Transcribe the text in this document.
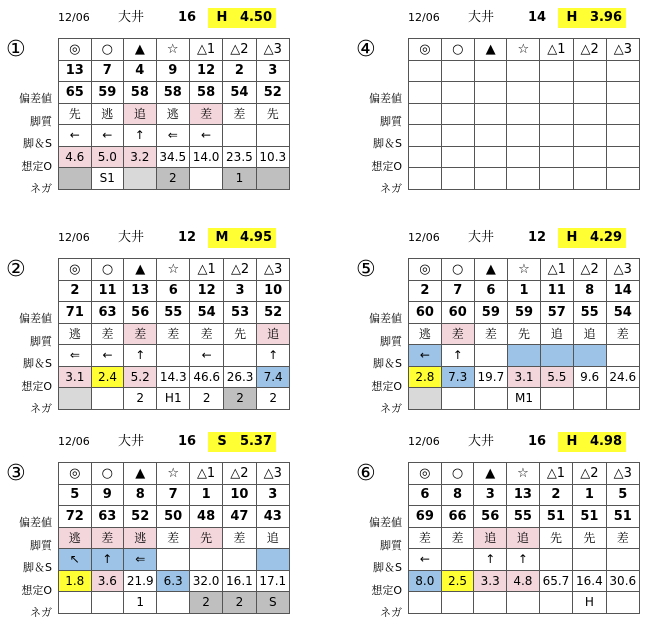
12/06 大井	16	H 4.50
①
偏差値
脚質
脚＆S
想定O
ネガ
◎	○	▲	☆	△1	△2	△3
13	7	4	9	12	2	3
65	59	58	58	58	54	52
先	逃	追	逃	差	差	先
←	←	↑	⇐	←		
4.6	5.0	3.2	34.5	14.0	23.5	10.3
	S1		2		1	
12/06 大井	14	H 3.96
④
偏差値
脚質
脚＆S
想定O
ネガ
◎	○	▲	☆	△1	△2	△3

12/06 大井	12	M 4.95
②
偏差値
脚質
脚＆S
想定O
ネガ
◎	○	▲	☆	△1	△2	△3
2	11	13	6	12	3	10
71	63	56	55	54	53	52
逃	差	差	差	差	先	追
⇐	←	↑		←		↑
3.1	2.4	5.2	14.3	46.6	26.3	7.4
		2	H1	2	2	2
12/06 大井	12	H 4.29
⑤
偏差値
脚質
脚＆S
想定O
ネガ
◎	○	▲	☆	△1	△2	△3
2	7	6	1	11	8	14
60	60	59	59	57	55	54
逃	差	差	先	追	追	差
←	↑					
2.8	7.3	19.7	3.1	5.5	9.6	24.6
			M1			
12/06 大井	16	S	5.37
③
偏差値
脚質
脚＆S
想定O
ネガ
◎	○	▲	☆	△1	△2	△3
5	9	8	7	1	10	3
72	63	52	50	48	47	43
逃	差	逃	差	先	差	追
↖	↑	⇐				
1.8	3.6	21.9	6.3	32.0	16.1	17.1
		1		2	2	S
12/06 大井	16	H 4.98
⑥
偏差値
脚質
脚＆S
想定O
ネガ
◎	○	▲	☆	△1	△2	△3
6	8	3	13	2	1	5
69	66	56	55	51	51	51
差	差	追	追	先	先	差
←		↑	↑			
8.0	2.5	3.3	4.8	65.7	16.4	30.6
					H	
